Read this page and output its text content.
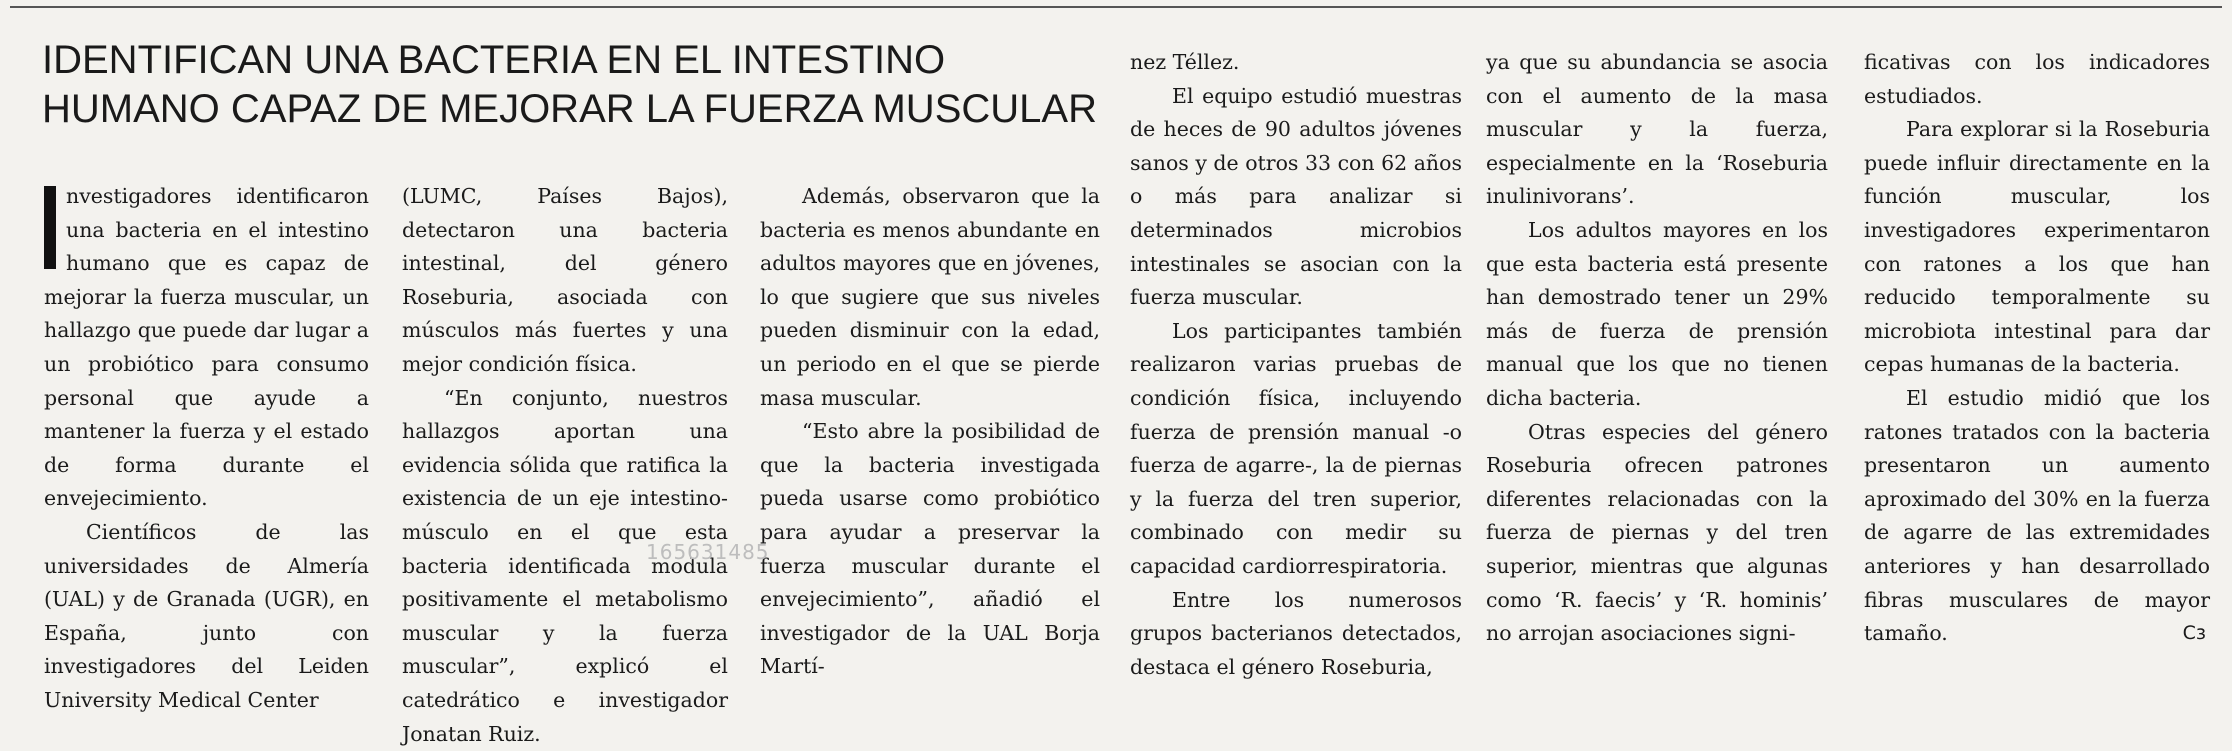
IDENTIFICAN UNA BACTERIA EN EL INTESTINO
HUMANO CAPAZ DE MEJORAR LA FUERZA MUSCULAR

nvestigadores identificaron una bacteria en el intestino humano que es capaz de mejorar la fuerza muscular, un hallazgo que puede dar lugar a un probiótico para consumo personal que ayude a mantener la fuerza y el estado de forma durante el envejecimiento.

Científicos de las universidades de Almería (UAL) y de Granada (UGR), en España, junto con investigadores del Leiden University Medical Center

(LUMC, Países Bajos), detectaron una bacteria intestinal, del género Roseburia, asociada con músculos más fuertes y una mejor condición física.

“En conjunto, nuestros hallazgos aportan una evidencia sólida que ratifica la existencia de un eje intestino-músculo en el que esta bacteria identificada modula positivamente el metabolismo muscular y la fuerza muscular”, explicó el catedrático e investigador Jonatan Ruiz.

Además, observaron que la bacteria es menos abundante en adultos mayores que en jóvenes, lo que sugiere que sus niveles pueden disminuir con la edad, un periodo en el que se pierde masa muscular.

“Esto abre la posibilidad de que la bacteria investigada pueda usarse como probiótico para ayudar a preservar la fuerza muscular durante el envejecimiento”, añadió el investigador de la UAL Borja Martí-

nez Téllez.

El equipo estudió muestras de heces de 90 adultos jóvenes sanos y de otros 33 con 62 años o más para analizar si determinados microbios intestinales se asocian con la fuerza muscular.

Los participantes también realizaron varias pruebas de condición física, incluyendo fuerza de prensión manual -o fuerza de agarre-, la de piernas y la fuerza del tren superior, combinado con medir su capacidad cardiorrespiratoria.

Entre los numerosos grupos bacterianos detectados, destaca el género Roseburia,

ya que su abundancia se asocia con el aumento de la masa muscular y la fuerza, especialmente en la ‘Roseburia inulinivorans’.

Los adultos mayores en los que esta bacteria está presente han demostrado tener un 29% más de fuerza de prensión manual que los que no tienen dicha bacteria.

Otras especies del género Roseburia ofrecen patrones diferentes relacionadas con la fuerza de piernas y del tren superior, mientras que algunas como ‘R. faecis’ y ‘R. hominis’ no arrojan asociaciones signi-

ficativas con los indicadores estudiados.

Para explorar si la Roseburia puede influir directamente en la función muscular, los investigadores experimentaron con ratones a los que han reducido temporalmente su microbiota intestinal para dar cepas humanas de la bacteria.

El estudio midió que los ratones tratados con la bacteria presentaron un aumento aproximado del 30% en la fuerza de agarre de las extremidades anteriores y han desarrollado fibras musculares de mayor tamaño.	Cз

165631485
